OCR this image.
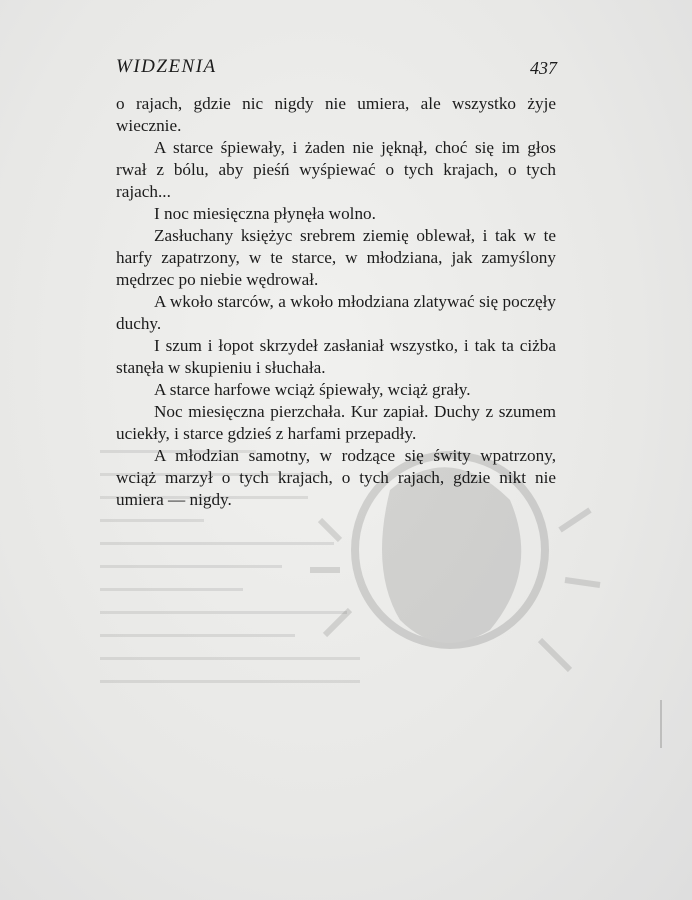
WIDZENIA	437

o rajach, gdzie nic nigdy nie umiera, ale wszystko żyje wiecznie.

A starce śpiewały, i żaden nie jęknął, choć się im głos rwał z bólu, aby pieśń wyśpiewać o tych krajach, o tych rajach...

I noc miesięczna płynęła wolno.

Zasłuchany księżyc srebrem ziemię oblewał, i tak w te harfy zapatrzony, w te starce, w młodziana, jak zamyślony mędrzec po niebie wędrował.

A wkoło starców, a wkoło młodziana zlatywać się poczęły duchy.

I szum i łopot skrzydeł zasłaniał wszystko, i tak ta ciżba stanęła w skupieniu i słuchała.

A starce harfowe wciąż śpiewały, wciąż grały.

Noc miesięczna pierzchała. Kur zapiał. Duchy z szumem uciekły, i starce gdzieś z harfami przepadły.

A młodzian samotny, w rodzące się świty wpatrzony, wciąż marzył o tych krajach, o tych rajach, gdzie nikt nie umiera — nigdy.
